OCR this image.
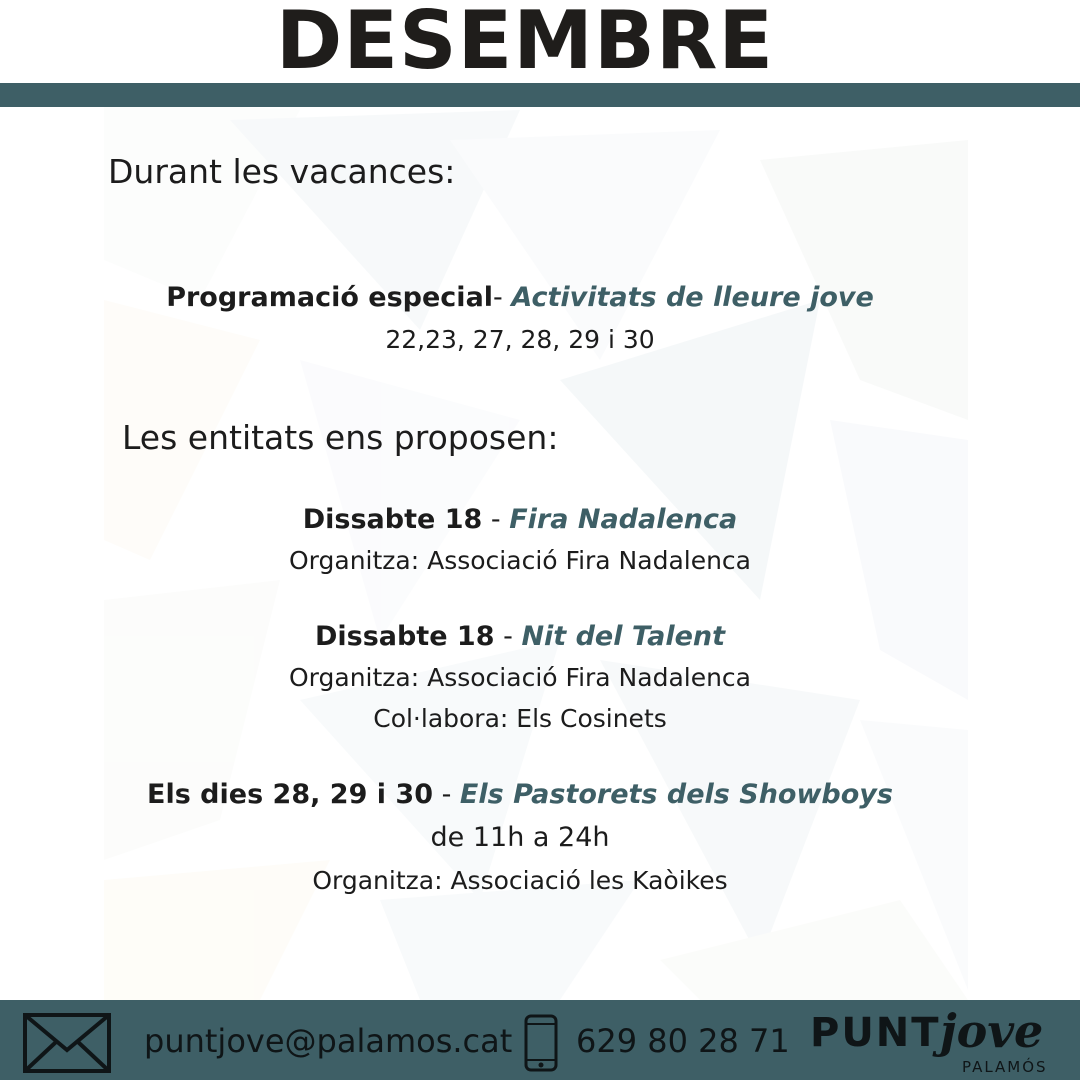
DESEMBRE
Durant les vacances:
Programació especial- Activitats de lleure jove
22,23, 27, 28, 29 i 30
Les entitats ens proposen:
Dissabte 18 - Fira Nadalenca
Organitza: Associació Fira Nadalenca
Dissabte 18 - Nit del Talent
Organitza: Associació Fira Nadalenca
Col·labora: Els Cosinets
Els dies 28, 29 i 30 - Els Pastorets dels Showboys
de 11h a 24h
Organitza: Associació les Kaòikes
puntjove@palamos.cat 629 80 28 71 PUNT jove
PALAMÓS
